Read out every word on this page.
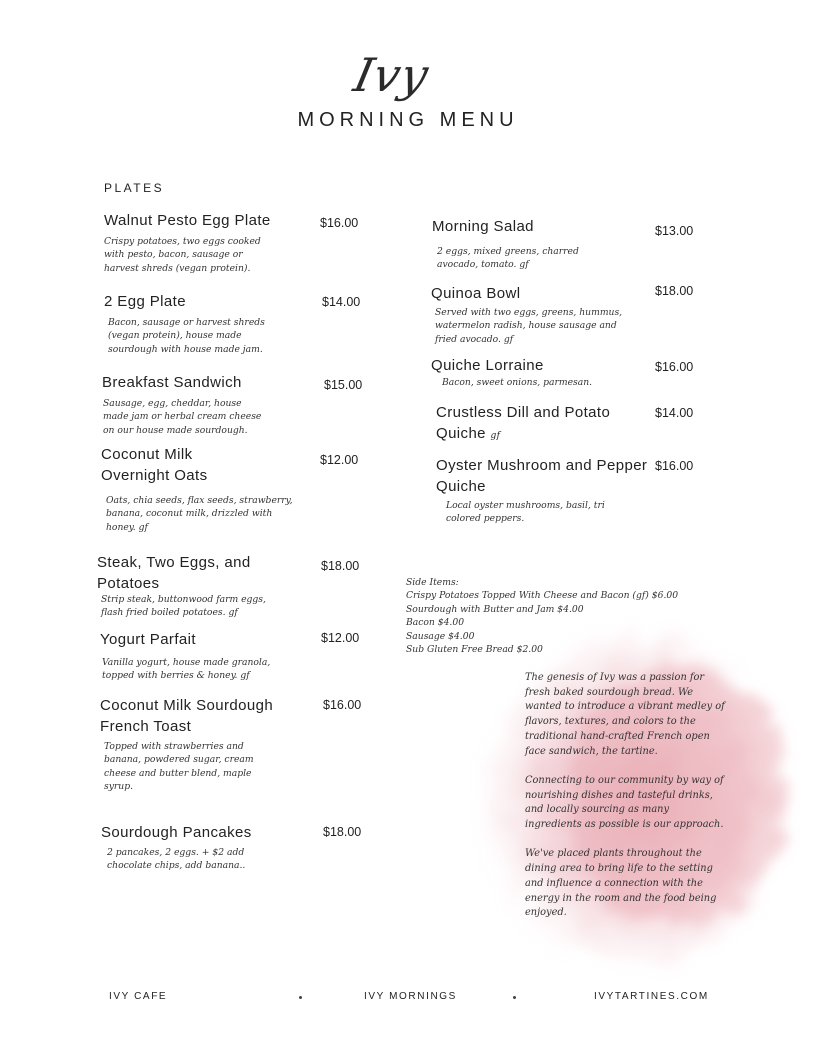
Ivy
MORNING MENU
PLATES
Walnut Pesto Egg Plate	$16.00
Crispy potatoes, two eggs cooked
with pesto, bacon, sausage or
harvest shreds (vegan protein).
2 Egg Plate	$14.00
Bacon, sausage or harvest shreds
(vegan protein), house made
sourdough with house made jam.
Breakfast Sandwich	$15.00
Sausage, egg, cheddar, house
made jam or herbal cream cheese
on our house made sourdough.
Coconut Milk
Overnight Oats
$12.00
Oats, chia seeds, flax seeds, strawberry,
banana, coconut milk, drizzled with
honey. gf
Steak, Two Eggs, and
Potatoes
$18.00
Strip steak, buttonwood farm eggs,
flash fried boiled potatoes. gf
Yogurt Parfait	$12.00
Vanilla yogurt, house made granola,
topped with berries & honey. gf
Coconut Milk Sourdough
French Toast
$16.00
Topped with strawberries and
banana, powdered sugar, cream
cheese and butter blend, maple
syrup.
Sourdough Pancakes	$18.00
2 pancakes, 2 eggs. + $2 add
chocolate chips, add banana..
Morning Salad	$13.00
2 eggs, mixed greens, charred
avocado, tomato. gf
Quinoa Bowl	$18.00
Served with two eggs, greens, hummus,
watermelon radish, house sausage and
fried avocado. gf
Quiche Lorraine	$16.00
Bacon, sweet onions, parmesan.
Crustless Dill and Potato
Quiche gf
$14.00
Oyster Mushroom and Pepper
Quiche
$16.00
Local oyster mushrooms, basil, tri
colored peppers.
Side Items:
Crispy Potatoes Topped With Cheese and Bacon (gf) $6.00
Sourdough with Butter and Jam $4.00
Bacon $4.00
Sausage $4.00
Sub Gluten Free Bread $2.00

The genesis of Ivy was a passion for fresh baked sourdough bread. We wanted to introduce a vibrant medley of flavors, textures, and colors to the traditional hand-crafted French open face sandwich, the tartine.

Connecting to our community by way of nourishing dishes and tasteful drinks, and locally sourcing as many ingredients as possible is our approach.

We've placed plants throughout the dining area to bring life to the setting and influence a connection with the energy in the room and the food being enjoyed.

IVY CAFE	IVY MORNINGS	IVYTARTINES.COM
